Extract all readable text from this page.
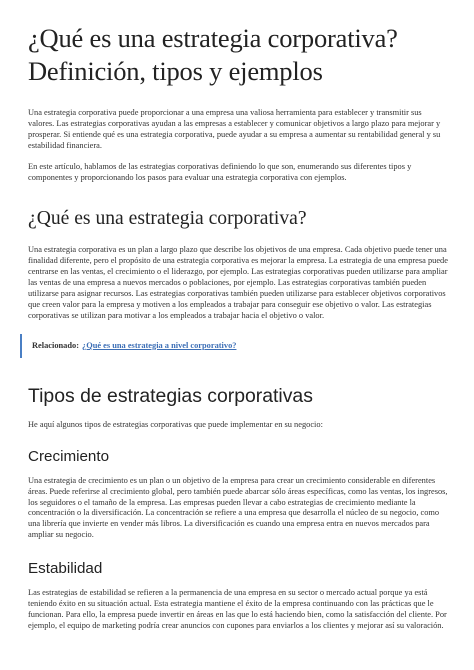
¿Qué es una estrategia corporativa? Definición, tipos y ejemplos

Una estrategia corporativa puede proporcionar a una empresa una valiosa herramienta para establecer y transmitir sus valores. Las estrategias corporativas ayudan a las empresas a establecer y comunicar objetivos a largo plazo para mejorar y prosperar. Si entiende qué es una estrategia corporativa, puede ayudar a su empresa a aumentar su rentabilidad general y su estabilidad financiera.

En este artículo, hablamos de las estrategias corporativas definiendo lo que son, enumerando sus diferentes tipos y componentes y proporcionando los pasos para evaluar una estrategia corporativa con ejemplos.

¿Qué es una estrategia corporativa?

Una estrategia corporativa es un plan a largo plazo que describe los objetivos de una empresa. Cada objetivo puede tener una finalidad diferente, pero el propósito de una estrategia corporativa es mejorar la empresa. La estrategia de una empresa puede centrarse en las ventas, el crecimiento o el liderazgo, por ejemplo. Las estrategias corporativas pueden utilizarse para ampliar las ventas de una empresa a nuevos mercados o poblaciones, por ejemplo. Las estrategias corporativas también pueden utilizarse para asignar recursos. Las estrategias corporativas también pueden utilizarse para establecer objetivos corporativos que creen valor para la empresa y motiven a los empleados a trabajar para conseguir ese objetivo o valor. Las estrategias corporativas se utilizan para motivar a los empleados a trabajar hacia el objetivo o valor.

Relacionado: ¿Qué es una estrategia a nivel corporativo?
Tipos de estrategias corporativas

He aquí algunos tipos de estrategias corporativas que puede implementar en su negocio:

Crecimiento

Una estrategia de crecimiento es un plan o un objetivo de la empresa para crear un crecimiento considerable en diferentes áreas. Puede referirse al crecimiento global, pero también puede abarcar sólo áreas específicas, como las ventas, los ingresos, los seguidores o el tamaño de la empresa. Las empresas pueden llevar a cabo estrategias de crecimiento mediante la concentración o la diversificación. La concentración se refiere a una empresa que desarrolla el núcleo de su negocio, como una librería que invierte en vender más libros. La diversificación es cuando una empresa entra en nuevos mercados para ampliar su negocio.

Estabilidad

Las estrategias de estabilidad se refieren a la permanencia de una empresa en su sector o mercado actual porque ya está teniendo éxito en su situación actual. Esta estrategia mantiene el éxito de la empresa continuando con las prácticas que le funcionan. Para ello, la empresa puede invertir en áreas en las que lo está haciendo bien, como la satisfacción del cliente. Por ejemplo, el equipo de marketing podría crear anuncios con cupones para enviarlos a los clientes y mejorar así su valoración.
